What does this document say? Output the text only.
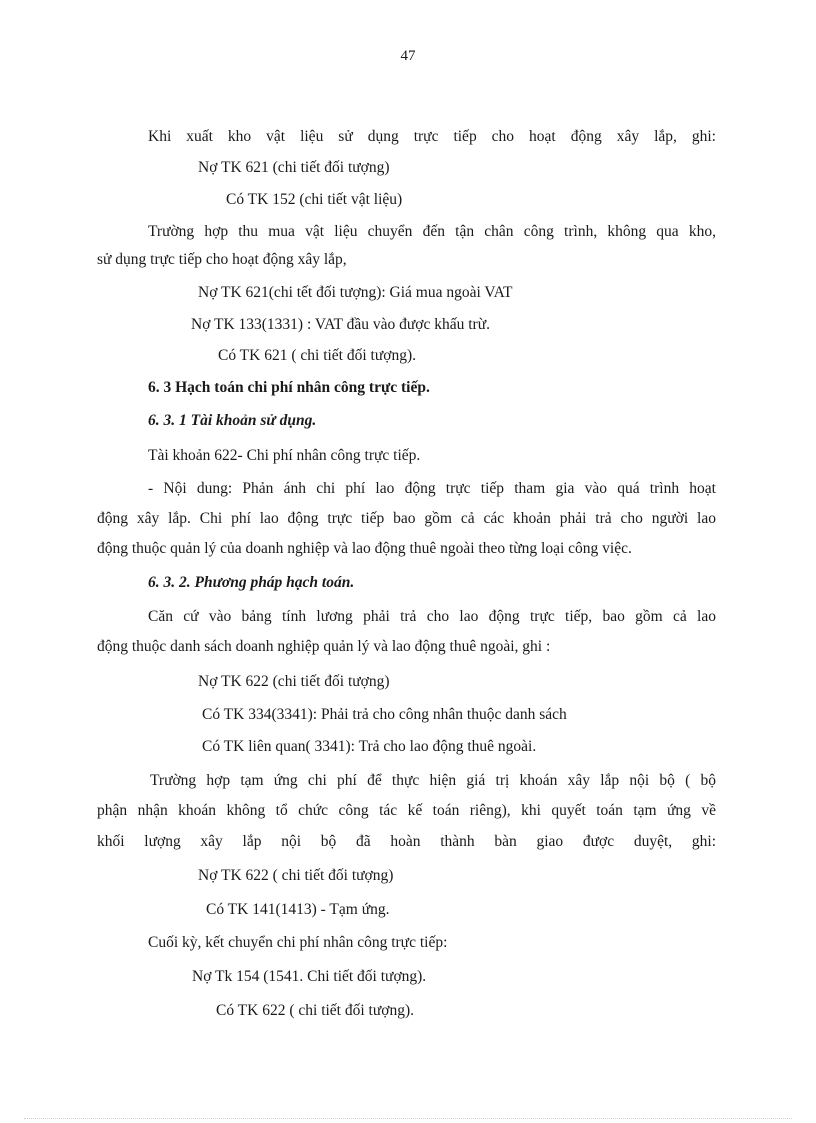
47
Khi xuất kho vật liệu sử dụng trực tiếp cho hoạt động xây lắp, ghi:
Nợ TK 621 (chi tiết đối tượng)
Có TK 152 (chi tiết vật liệu)
Trường hợp thu mua vật liệu chuyển đến tận chân công trình, không qua kho,
sử dụng trực tiếp cho hoạt động xây lắp,
Nợ TK 621(chi tết đối tượng): Giá mua ngoài VAT
Nợ TK 133(1331) : VAT đầu vào được khấu trừ.
Có TK 621 ( chi tiết đối tượng).
6. 3 Hạch toán chi phí nhân công trực tiếp.
6. 3. 1 Tài khoản sử dụng.
Tài khoản 622- Chi phí nhân công trực tiếp.
- Nội dung: Phản ánh chi phí lao động trực tiếp tham gia vào quá trình hoạt
động xây lắp. Chi phí lao động trực tiếp bao gồm cả các khoản phải trả cho người lao
động thuộc quản lý của doanh nghiệp và lao động thuê ngoài theo từng loại công việc.
6. 3. 2. Phương pháp hạch toán.
Căn cứ vào bảng tính lương phải trả cho lao động trực tiếp, bao gồm cả lao
động thuộc danh sách doanh nghiệp quản lý và lao động thuê ngoài, ghi :
Nợ TK 622 (chi tiết đối tượng)
Có TK 334(3341): Phải trả cho công nhân thuộc danh sách
Có TK liên quan( 3341): Trả cho lao động thuê ngoài.
Trường hợp tạm ứng chi phí để thực hiện giá trị khoán xây lắp nội bộ ( bộ
phận nhận khoán không tổ chức công tác kế toán riêng), khi quyết toán tạm ứng về
khối lượng xây lắp nội bộ đã hoàn thành bàn giao được duyệt, ghi:
Nợ TK 622 ( chi tiết đối tượng)
Có TK 141(1413) - Tạm ứng.
Cuối kỳ, kết chuyển chi phí nhân công trực tiếp:
Nợ Tk 154 (1541. Chi tiết đối tượng).
Có TK 622 ( chi tiết đối tượng).
